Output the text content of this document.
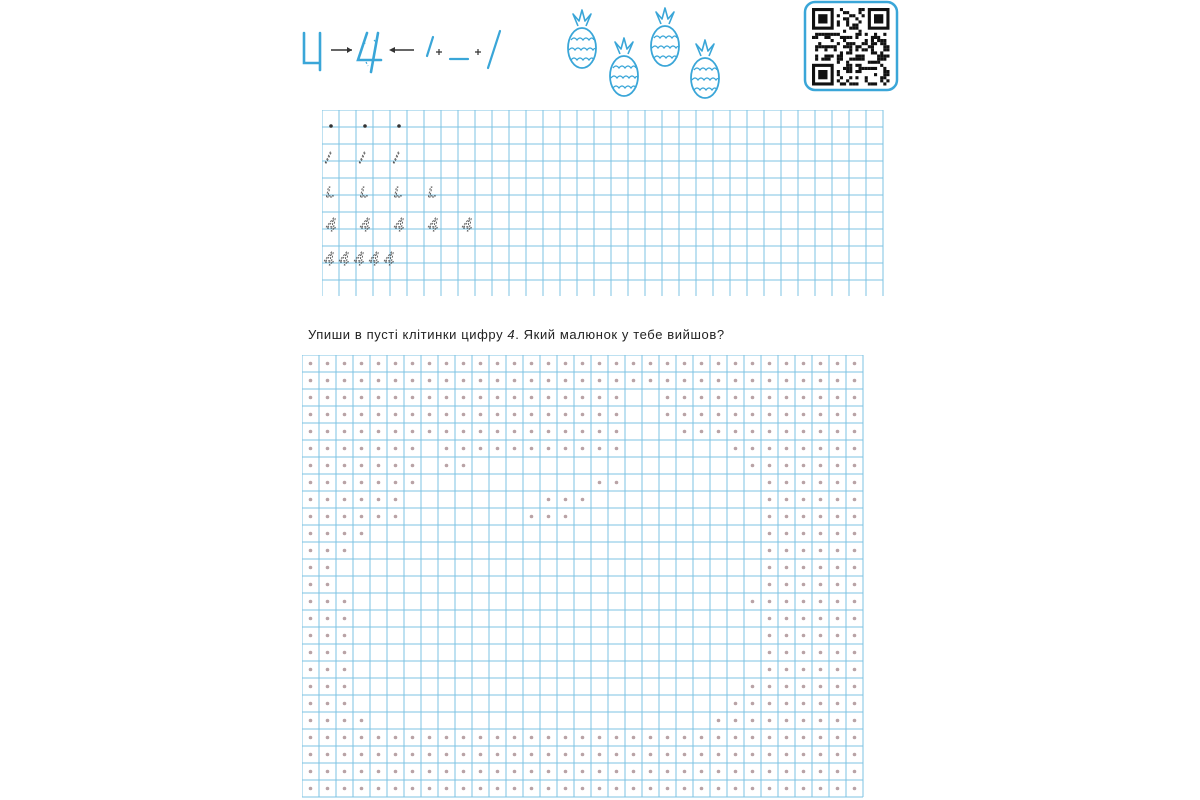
/ / /
L L L L
4 4 4 4 4
4 4 4 4 4
Упиши в пусті клітинки цифру 4. Який малюнок у тебе вийшов?
